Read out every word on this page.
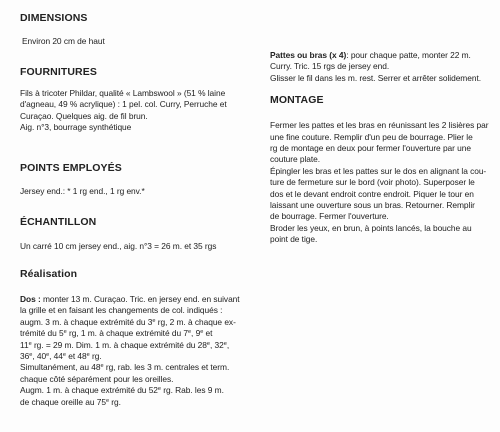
DIMENSIONS

Environ 20 cm de haut

FOURNITURES

Fils à tricoter Phildar, qualité « Lambswool » (51 % laine

d'agneau, 49 % acrylique) : 1 pel. col. Curry, Perruche et

Curaçao. Quelques aig. de fil brun.

Aig. n°3, bourrage synthétique

POINTS EMPLOYÉS

Jersey end.: * 1 rg end., 1 rg env.*

ÉCHANTILLON

Un carré 10 cm jersey end., aig. n°3 = 26 m. et 35 rgs

Réalisation

Dos : monter 13 m. Curaçao. Tric. en jersey end. en suivant

la grille et en faisant les changements de col. indiqués :

augm. 3 m. à chaque extrémité du 3e rg, 2 m. à chaque ex-

trémité du 5e rg, 1 m. à chaque extrémité du 7e, 9e et

11e rg. = 29 m. Dim. 1 m. à chaque extrémité du 28e, 32e,

36e, 40e, 44e et 48e rg.

Simultanément, au 48e rg, rab. les 3 m. centrales et term.

chaque côté séparément pour les oreilles.

Augm. 1 m. à chaque extrémité du 52e rg. Rab. les 9 m.

de chaque oreille au 75e rg.

Pattes ou bras (x 4): pour chaque patte, monter 22 m.

Curry. Tric. 15 rgs de jersey end.

Glisser le fil dans les m. rest. Serrer et arrêter solidement.

MONTAGE

Fermer les pattes et les bras en réunissant les 2 lisières par

une fine couture. Remplir d'un peu de bourrage. Plier le

rg de montage en deux pour fermer l'ouverture par une

couture plate.

Épingler les bras et les pattes sur le dos en alignant la cou-

ture de fermeture sur le bord (voir photo). Superposer le

dos et le devant endroit contre endroit. Piquer le tour en

laissant une ouverture sous un bras. Retourner. Remplir

de bourrage. Fermer l'ouverture.

Broder les yeux, en brun, à points lancés, la bouche au

point de tige.
